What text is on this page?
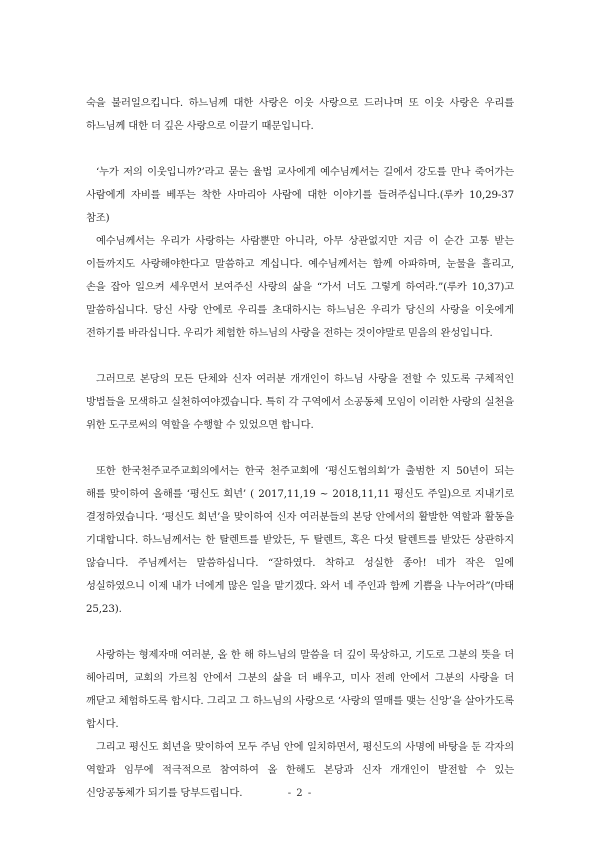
숙을 불러일으킵니다. 하느님께 대한 사랑은 이웃 사랑으로 드러나며 또 이웃 사랑은 우리를 하느님께 대한 더 깊은 사랑으로 이끌기 때문입니다.

‘누가 저의 이웃입니까?’라고 묻는 율법 교사에게 예수님께서는 길에서 강도를 만나 죽어가는 사람에게 자비를 베푸는 착한 사마리아 사람에 대한 이야기를 들려주십니다.(루카 10,29-37 참조)

예수님께서는 우리가 사랑하는 사람뿐만 아니라, 아무 상관없지만 지금 이 순간 고통 받는 이들까지도 사랑해야한다고 말씀하고 계십니다. 예수님께서는 함께 아파하며, 눈물을 흘리고, 손을 잡아 일으켜 세우면서 보여주신 사랑의 삶을 “가서 너도 그렇게 하여라.”(루카 10,37)고 말씀하십니다. 당신 사랑 안에로 우리를 초대하시는 하느님은 우리가 당신의 사랑을 이웃에게 전하기를 바라십니다. 우리가 체험한 하느님의 사랑을 전하는 것이야말로 믿음의 완성입니다.

그러므로 본당의 모든 단체와 신자 여러분 개개인이 하느님 사랑을 전할 수 있도록 구체적인 방법들을 모색하고 실천하여야겠습니다. 특히 각 구역에서 소공동체 모임이 이러한 사랑의 실천을 위한 도구로써의 역할을 수행할 수 있었으면 합니다.

또한 한국천주교주교회의에서는 한국 천주교회에 ‘평신도협의회’가 출범한 지 50년이 되는 해를 맞이하여 올해를 ‘평신도 희년’ ( 2017,11,19 ~ 2018,11,11 평신도 주일)으로 지내기로 결정하였습니다. ‘평신도 희년’을 맞이하여 신자 여러분들의 본당 안에서의 활발한 역할과 활동을 기대합니다. 하느님께서는 한 탈렌트를 받았든, 두 탈렌트, 혹은 다섯 탈렌트를 받았든 상관하지 않습니다. 주님께서는 말씀하십니다. “잘하였다. 착하고 성실한 종아! 네가 작은 일에 성실하였으니 이제 내가 너에게 많은 일을 맡기겠다. 와서 네 주인과 함께 기쁨을 나누어라”(마태 25,23).

사랑하는 형제자매 여러분, 올 한 해 하느님의 말씀을 더 깊이 묵상하고, 기도로 그분의 뜻을 더 헤아리며, 교회의 가르침 안에서 그분의 삶을 더 배우고, 미사 전례 안에서 그분의 사랑을 더 깨닫고 체험하도록 합시다. 그리고 그 하느님의 사랑으로 ‘사랑의 열매를 맺는 신앙’을 살아가도록 합시다.

그리고 평신도 희년을 맞이하여 모두 주님 안에 일치하면서, 평신도의 사명에 바탕을 둔 각자의 역할과 임무에 적극적으로 참여하여 올 한해도 본당과 신자 개개인이 발전할 수 있는 신앙공동체가 되기를 당부드립니다.	- 2 -
